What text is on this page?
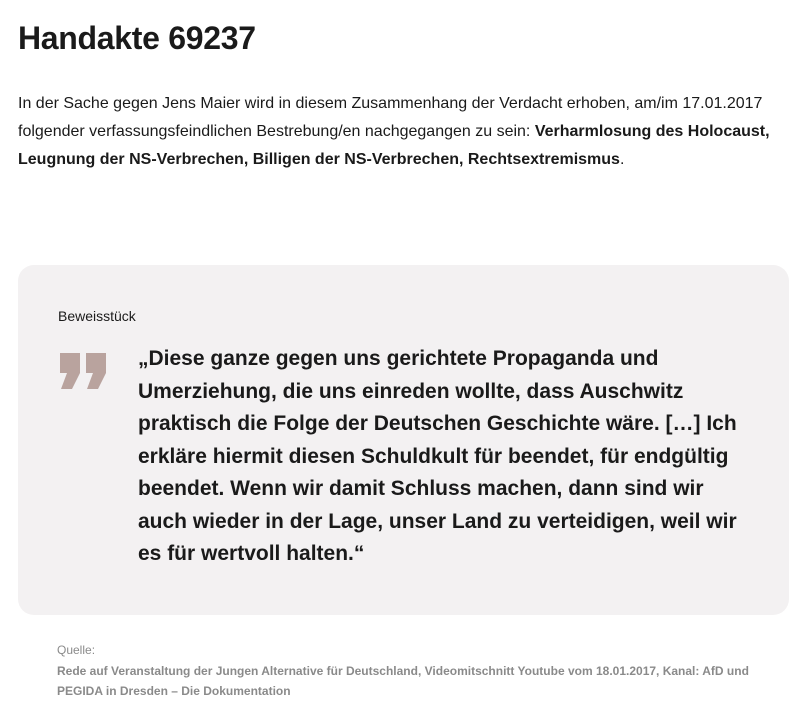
Handakte 69237

In der Sache gegen Jens Maier wird in diesem Zusammenhang der Verdacht erhoben, am/im 17.01.2017 folgender verfassungsfeindlichen Bestrebung/en nachgegangen zu sein: Verharmlosung des Holocaust, Leugnung der NS-Verbrechen, Billigen der NS-Verbrechen, Rechtsextremismus.

Beweisstück

„Diese ganze gegen uns gerichtete Propaganda und Umerziehung, die uns einreden wollte, dass Auschwitz praktisch die Folge der Deutschen Geschichte wäre. […] Ich erkläre hiermit diesen Schuldkult für beendet, für endgültig beendet. Wenn wir damit Schluss machen, dann sind wir auch wieder in der Lage, unser Land zu verteidigen, weil wir es für wertvoll halten.“

Quelle:

Rede auf Veranstaltung der Jungen Alternative für Deutschland, Videomitschnitt Youtube vom 18.01.2017, Kanal: AfD und PEGIDA in Dresden – Die Dokumentation
